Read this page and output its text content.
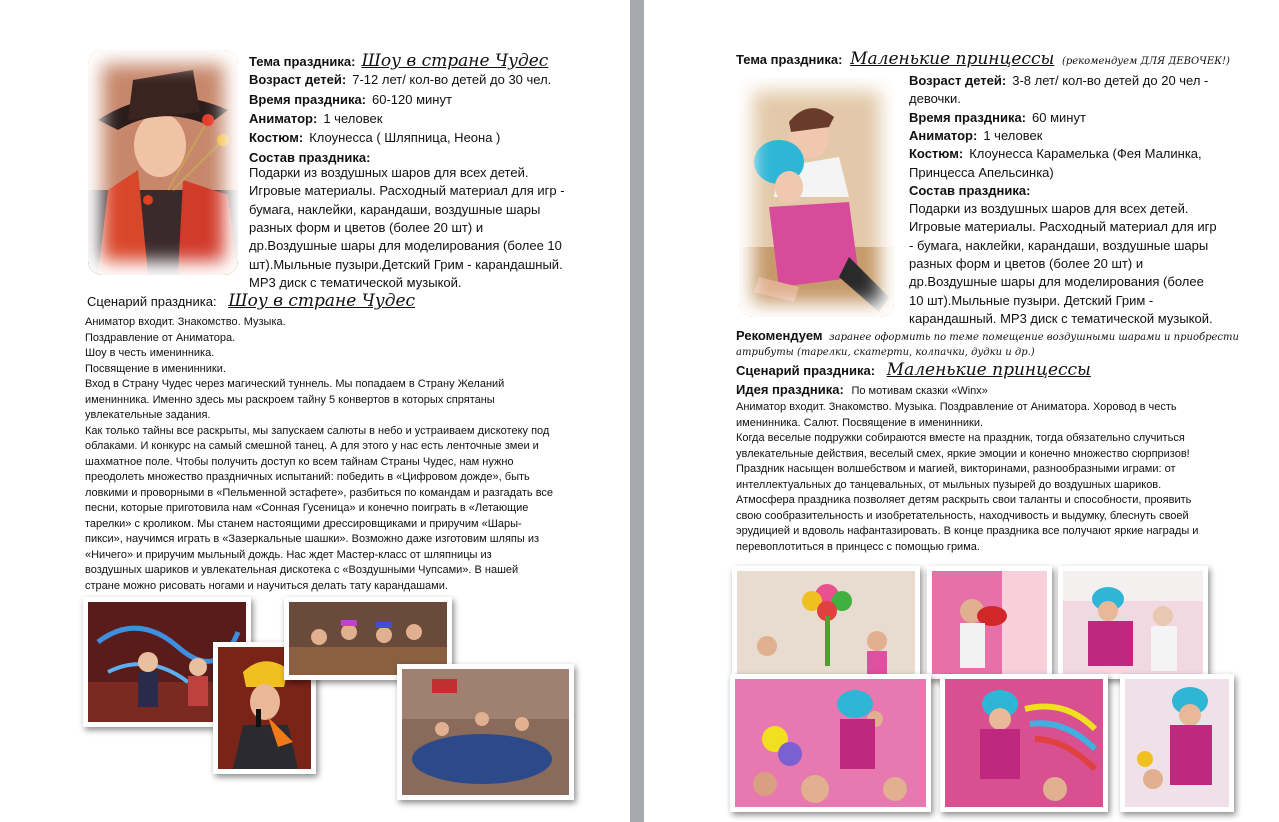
Тема праздника: Шоу в стране Чудес
Возраст детей: 7-12 лет/ кол-во детей до 30 чел.
Время праздника: 60-120 минут
Аниматор: 1 человек
Костюм: Клоунесса ( Шляпница, Неона )
Состав праздника:
Подарки из воздушных шаров для всех детей.
Игровые материалы. Расходный материал для игр -
бумага, наклейки, карандаши, воздушные шары
разных форм и цветов (более 20 шт) и
др.Воздушные шары для моделирования (более 10
шт).Мыльные пузыри.Детский Грим - карандашный.
МР3 диск с тематической музыкой.
Сценарий праздника: Шоу в стране Чудес
Аниматор входит. Знакомство. Музыка.
Поздравление от Аниматора.
Шоу в честь именинника.
Посвящение в именинники.
Вход в Страну Чудес через магический туннель. Мы попадаем в Страну Желаний
именинника. Именно здесь мы раскроем тайну 5 конвертов в которых спрятаны
увлекательные задания.
Как только тайны все раскрыты, мы запускаем салюты в небо и устраиваем дискотеку под
облаками. И конкурс на самый смешной танец. А для этого у нас есть ленточные змеи и
шахматное поле. Чтобы получить доступ ко всем тайнам Страны Чудес, нам нужно
преодолеть множество праздничных испытаний: победить в «Цифровом дожде», быть
ловкими и проворными в «Пельменной эстафете», разбиться по командам и разгадать все
песни, которые приготовила нам «Сонная Гусеница» и конечно поиграть в «Летающие
тарелки» с кроликом. Мы станем настоящими дрессировщиками и приручим «Шары-
пикси», научимся играть в «Зазеркальные шашки». Возможно даже изготовим шляпы из
«Ничего» и приручим мыльный дождь. Нас ждет Мастер-класс от шляпницы из
воздушных шариков и увлекательная дискотека с «Воздушными Чупсами». В нашей
стране можно рисовать ногами и научиться делать тату карандашами.
Тема праздника: Маленькие принцессы (рекомендуем ДЛЯ ДЕВОЧЕК!)
Возраст детей: 3-8 лет/ кол-во детей до 20 чел -
девочки.
Время праздника: 60 минут
Аниматор: 1 человек
Костюм: Клоунесса Карамелька (Фея Малинка,
Принцесса Апельсинка)
Состав праздника:
Подарки из воздушных шаров для всех детей.
Игровые материалы. Расходный материал для игр
- бумага, наклейки, карандаши, воздушные шары
разных форм и цветов (более 20 шт) и
др.Воздушные шары для моделирования (более
10 шт).Мыльные пузыри. Детский Грим -
карандашный. МР3 диск с тематической музыкой.
Рекомендуем заранее оформить по теме помещение воздушными шарами и приобрести
атрибуты (тарелки, скатерти, колпачки, дудки и др.)
Сценарий праздника: Маленькие принцессы
Идея праздника: По мотивам сказки «Winx»
Аниматор входит. Знакомство. Музыка. Поздравление от Аниматора. Хоровод в честь
именинника. Салют. Посвящение в именинники.
Когда веселые подружки собираются вместе на праздник, тогда обязательно случиться
увлекательные действия, веселый смех, яркие эмоции и конечно множество сюрпризов!
Праздник насыщен волшебством и магией, викторинами, разнообразными играми: от
интеллектуальных до танцевальных, от мыльных пузырей до воздушных шариков.
Атмосфера праздника позволяет детям раскрыть свои таланты и способности, проявить
свою сообразительность и изобретательность, находчивость и выдумку, блеснуть своей
эрудицией и вдоволь нафантазировать. В конце праздника все получают яркие награды и
перевоплотиться в принцесс с помощью грима.
